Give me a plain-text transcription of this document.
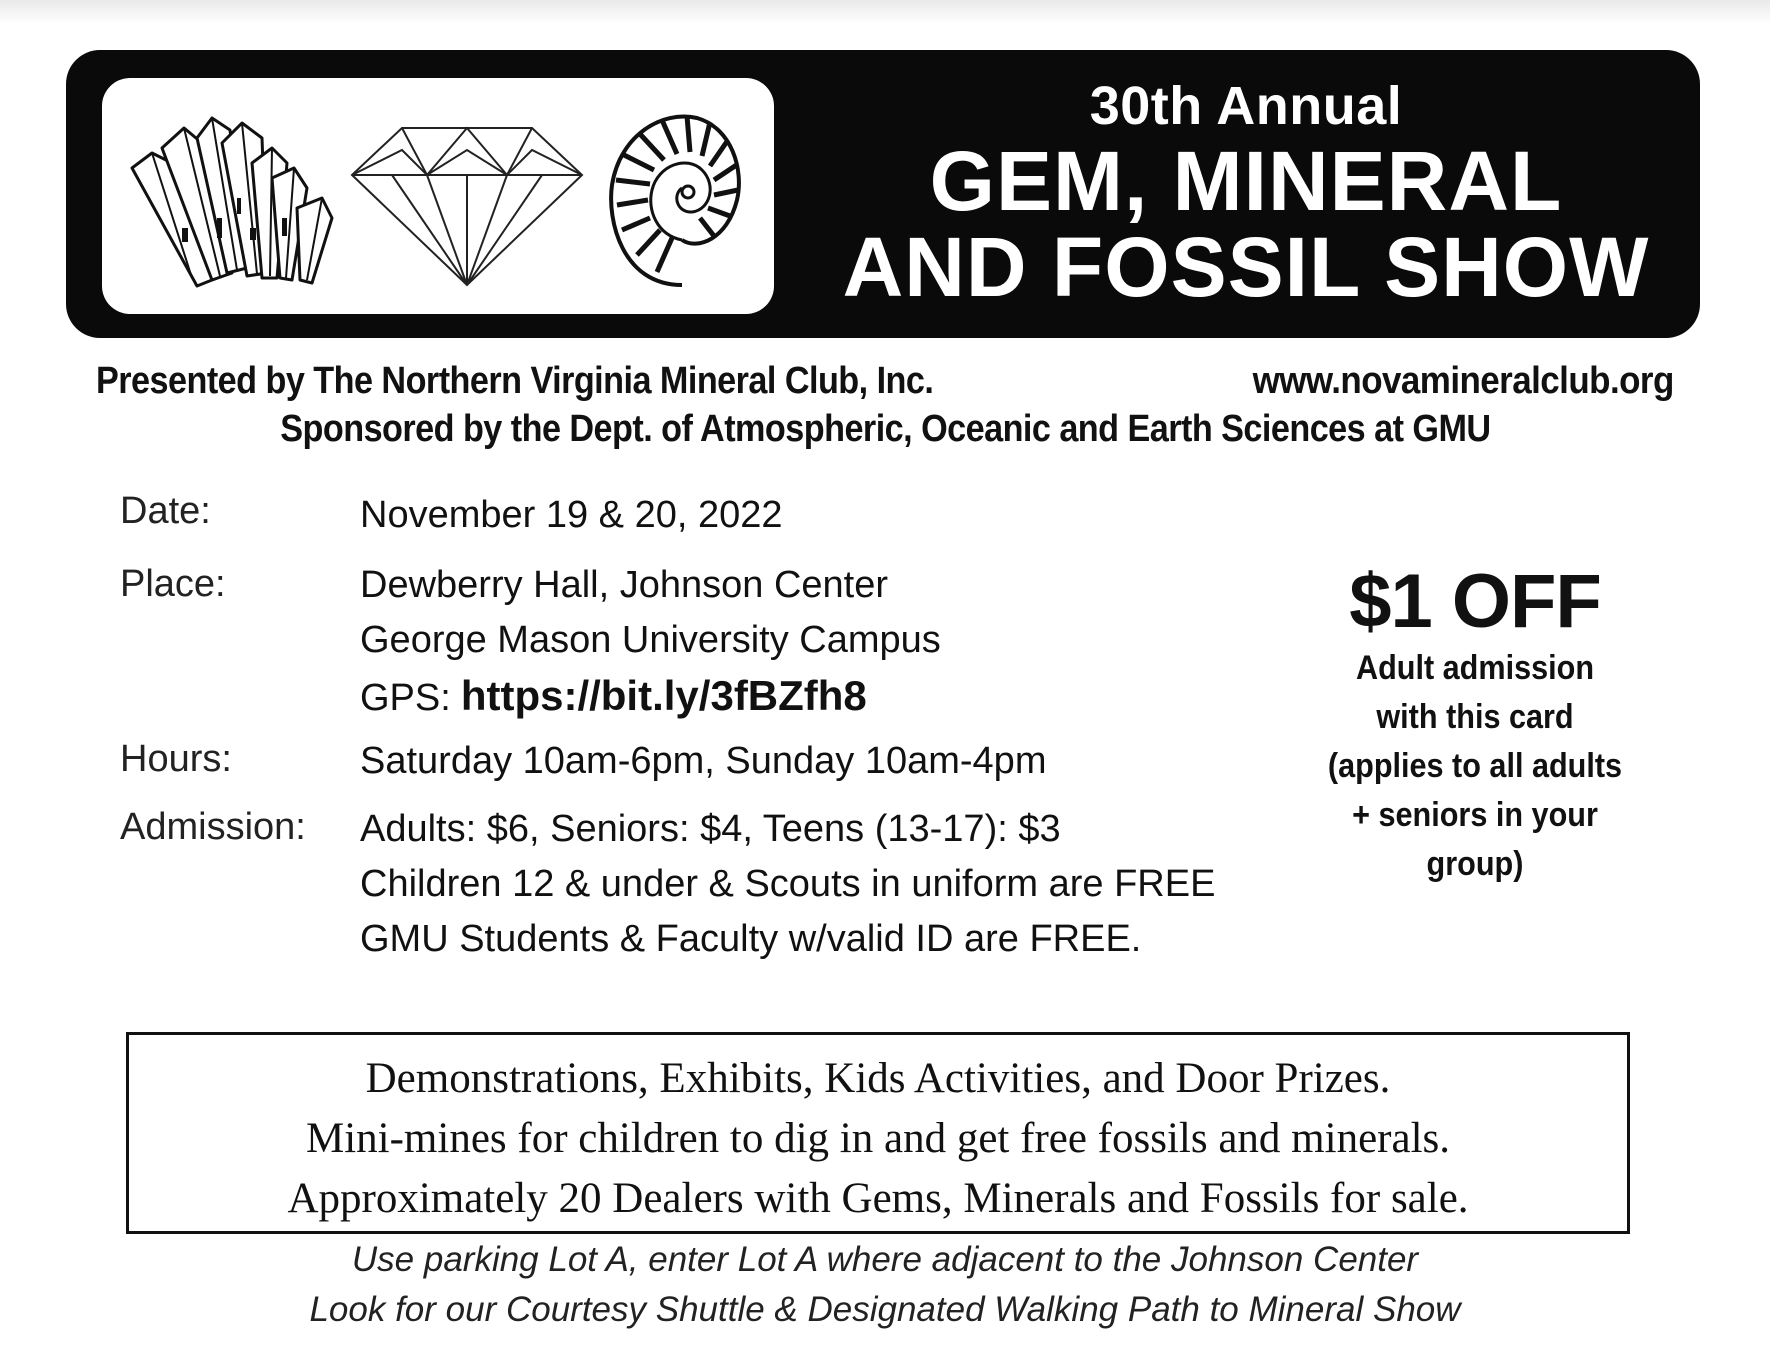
30th Annual
GEM, MINERAL
AND FOSSIL SHOW
Presented by The Northern Virginia Mineral Club, Inc.	www.novamineralclub.org
Sponsored by the Dept. of Atmospheric, Oceanic and Earth Sciences at GMU
Date:	November 19 & 20, 2022
Place:	Dewberry Hall, Johnson Center
George Mason University Campus
GPS: https://bit.ly/3fBZfh8
Hours:	Saturday 10am-6pm, Sunday 10am-4pm
Admission: Adults: $6, Seniors: $4, Teens (13-17): $3
Children 12 & under & Scouts in uniform are FREE
GMU Students & Faculty w/valid ID are FREE.
$1 OFF
Adult admission
with this card
(applies to all adults
+ seniors in your
group)
Demonstrations, Exhibits, Kids Activities, and Door Prizes.
Mini-mines for children to dig in and get free fossils and minerals.
Approximately 20 Dealers with Gems, Minerals and Fossils for sale.
Use parking Lot A, enter Lot A where adjacent to the Johnson Center
Look for our Courtesy Shuttle & Designated Walking Path to Mineral Show
